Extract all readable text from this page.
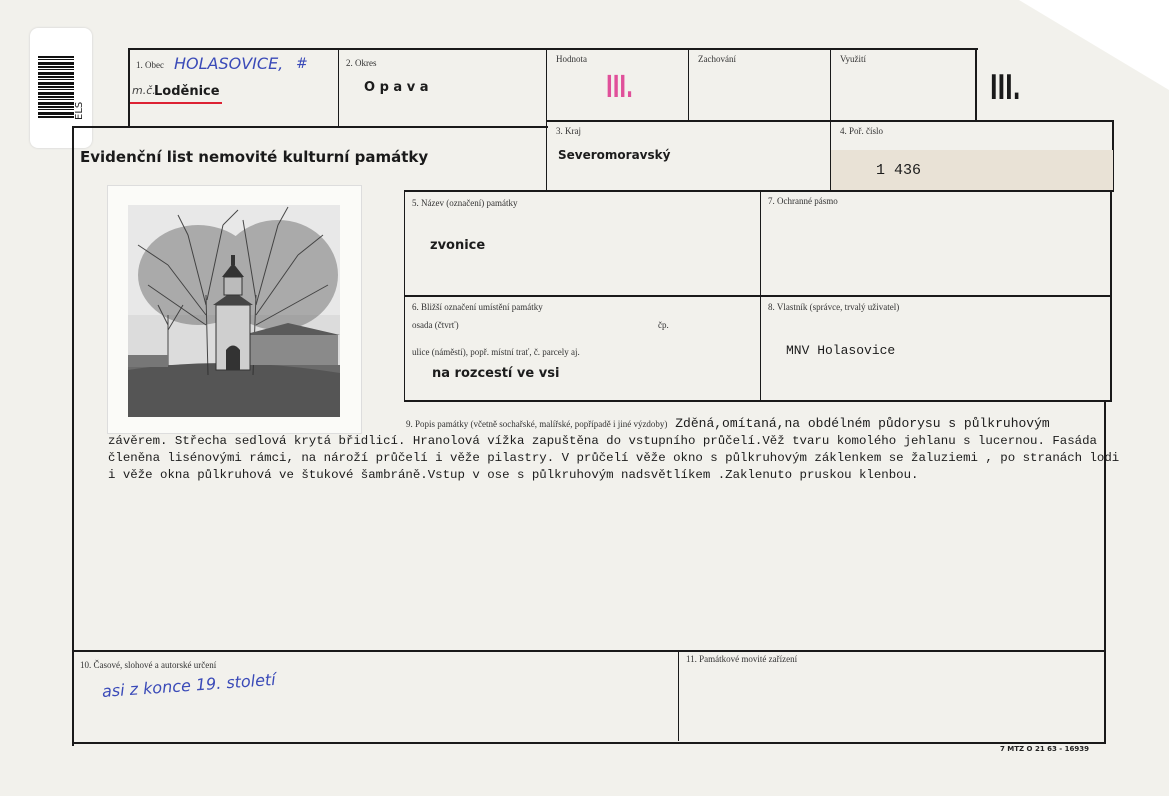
ELS
1. Obec HOLASOVICE, #
m.č.
Loděnice
2. Okres
O p a v a
Hodnota
III.
Zachování	Využití
III.
Evidenční list nemovité kulturní památky
3. Kraj
Severomoravský
4. Poř. číslo
1 436
5. Název (označení) památky
zvonice
7. Ochranné pásmo
6. Bližší označení umístění památky
osada (čtvrť)	čp.
ulice (náměstí), popř. místní trať, č. parcely aj.
na rozcestí ve vsi
8. Vlastník (správce, trvalý uživatel)
MNV Holasovice
9. Popis památky (včetně sochařské, malířské, popřípadě i jiné výzdoby) Zděná,omítaná,na obdélném půdorysu s půlkruhovým
závěrem. Střecha sedlová krytá břidlicí. Hranolová vížka zapuštěna do vstupního průčelí.Věž tvaru komolého jehlanu s lucernou. Fasáda
členěna lisénovými rámci, na nároží průčelí i věže pilastry. V průčelí věže okno s půlkruhovým záklenkem se žaluziemi , po stranách lodi
i věže okna půlkruhová ve štukové šambráně.Vstup v ose s půlkruhovým nadsvětlíkem .Zaklenuto pruskou klenbou.
10. Časové, slohové a autorské určení
asi z konce 19. století
11. Památkové movité zařízení
7 MTZ O 21 63 - 16939
